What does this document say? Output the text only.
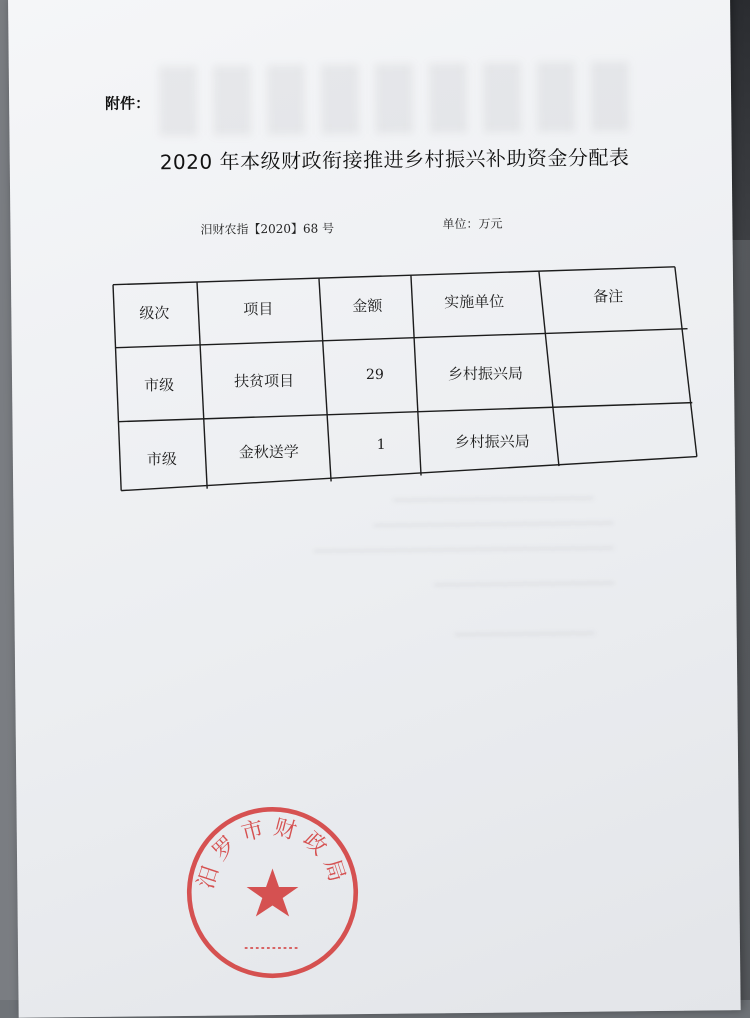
附件：
2020 年本级财政衔接推进乡村振兴补助资金分配表
汨财农指【2020】68 号	单位：万元
级次	项目	金额	实施单位	备注
市级	扶贫项目	29	乡村振兴局
市级	金秋送学	1	乡村振兴局
汨罗市财政局
